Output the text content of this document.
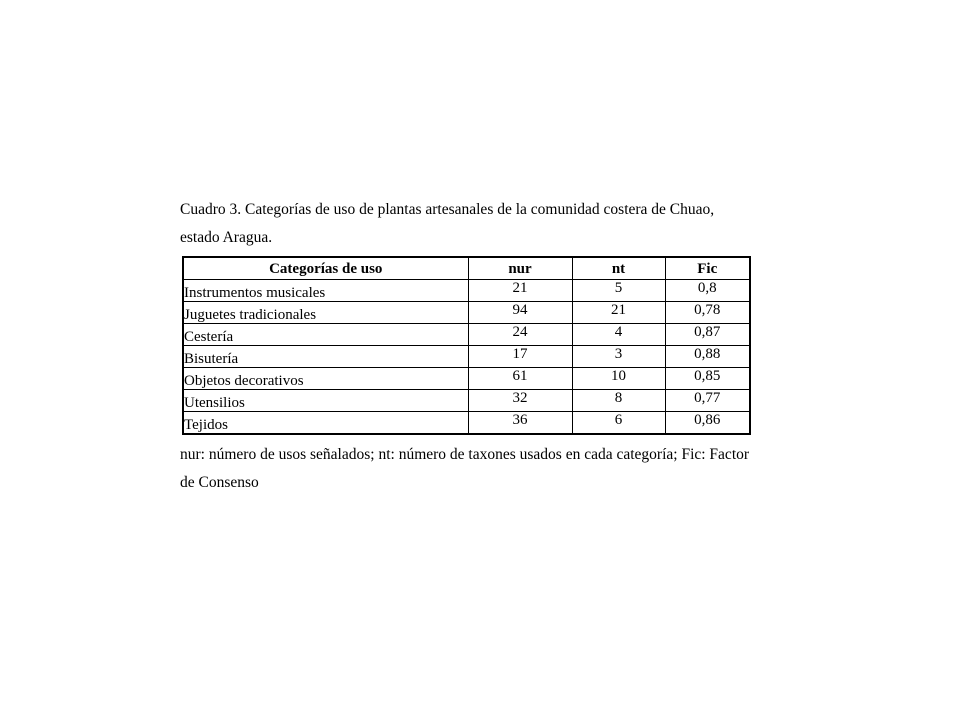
Cuadro 3. Categorías de uso de plantas artesanales de la comunidad costera de Chuao,
estado Aragua.

Categorías de uso	nur	nt	Fic
Instrumentos musicales	21	5	0,8
Juguetes tradicionales	94	21	0,78
Cestería	24	4	0,87
Bisutería	17	3	0,88
Objetos decorativos	61	10	0,85
Utensilios	32	8	0,77
Tejidos	36	6	0,86

nur: número de usos señalados; nt: número de taxones usados en cada categoría; Fic: Factor
de Consenso
